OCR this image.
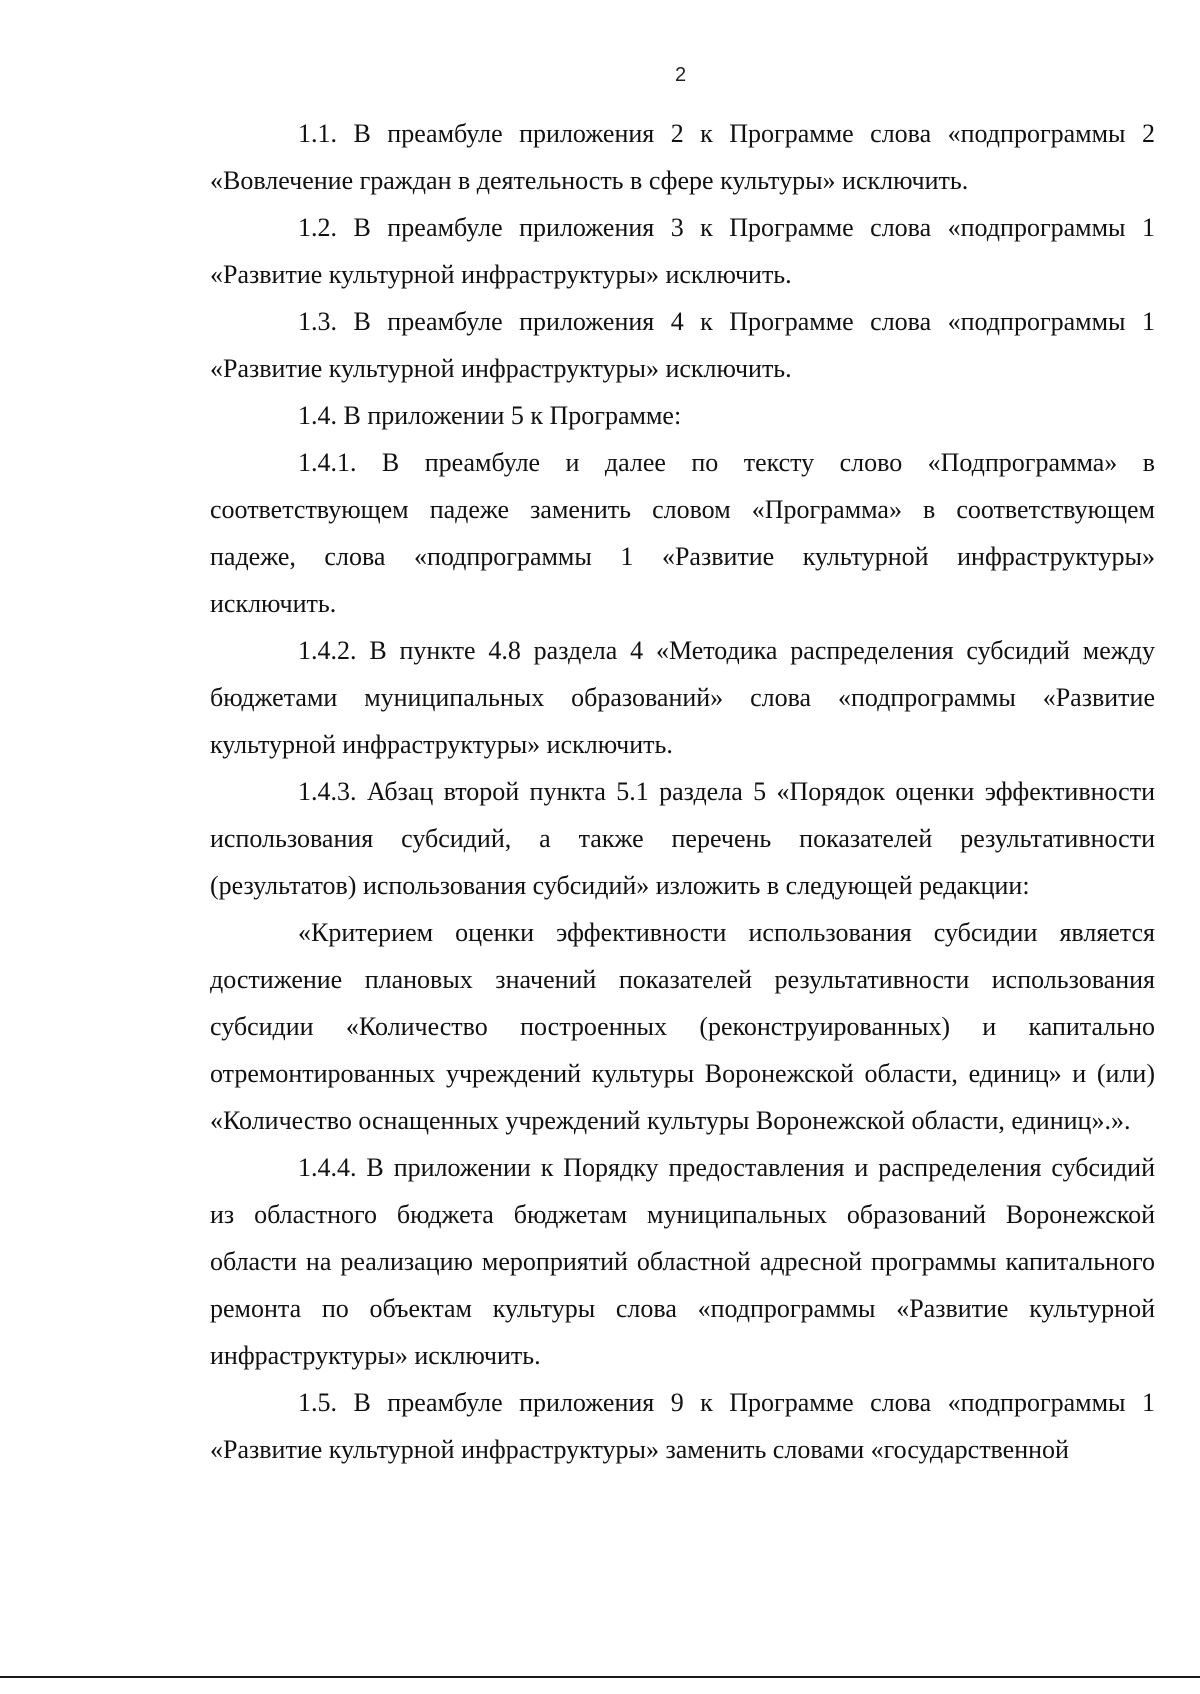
2

1.1. В преамбуле приложения 2 к Программе слова «подпрограммы 2 «Вовлечение граждан в деятельность в сфере культуры» исключить.

1.2. В преамбуле приложения 3 к Программе слова «подпрограммы 1 «Развитие культурной инфраструктуры» исключить.

1.3. В преамбуле приложения 4 к Программе слова «подпрограммы 1 «Развитие культурной инфраструктуры» исключить.

1.4. В приложении 5 к Программе:

1.4.1. В преамбуле и далее по тексту слово «Подпрограмма» в соответствующем падеже заменить словом «Программа» в соответствующем падеже, слова «подпрограммы 1 «Развитие культурной инфраструктуры» исключить.

1.4.2. В пункте 4.8 раздела 4 «Методика распределения субсидий между бюджетами муниципальных образований» слова «подпрограммы «Развитие культурной инфраструктуры» исключить.

1.4.3. Абзац второй пункта 5.1 раздела 5 «Порядок оценки эффективности использования субсидий, а также перечень показателей результативности (результатов) использования субсидий» изложить в следующей редакции:

«Критерием оценки эффективности использования субсидии является достижение плановых значений показателей результативности использования субсидии «Количество построенных (реконструированных) и капитально отремонтированных учреждений культуры Воронежской области, единиц» и (или) «Количество оснащенных учреждений культуры Воронежской области, единиц».».

1.4.4. В приложении к Порядку предоставления и распределения субсидий из областного бюджета бюджетам муниципальных образований Воронежской области на реализацию мероприятий областной адресной программы капитального ремонта по объектам культуры слова «подпрограммы «Развитие культурной инфраструктуры» исключить.

1.5. В преамбуле приложения 9 к Программе слова «подпрограммы 1 «Развитие культурной инфраструктуры» заменить словами «государственной
